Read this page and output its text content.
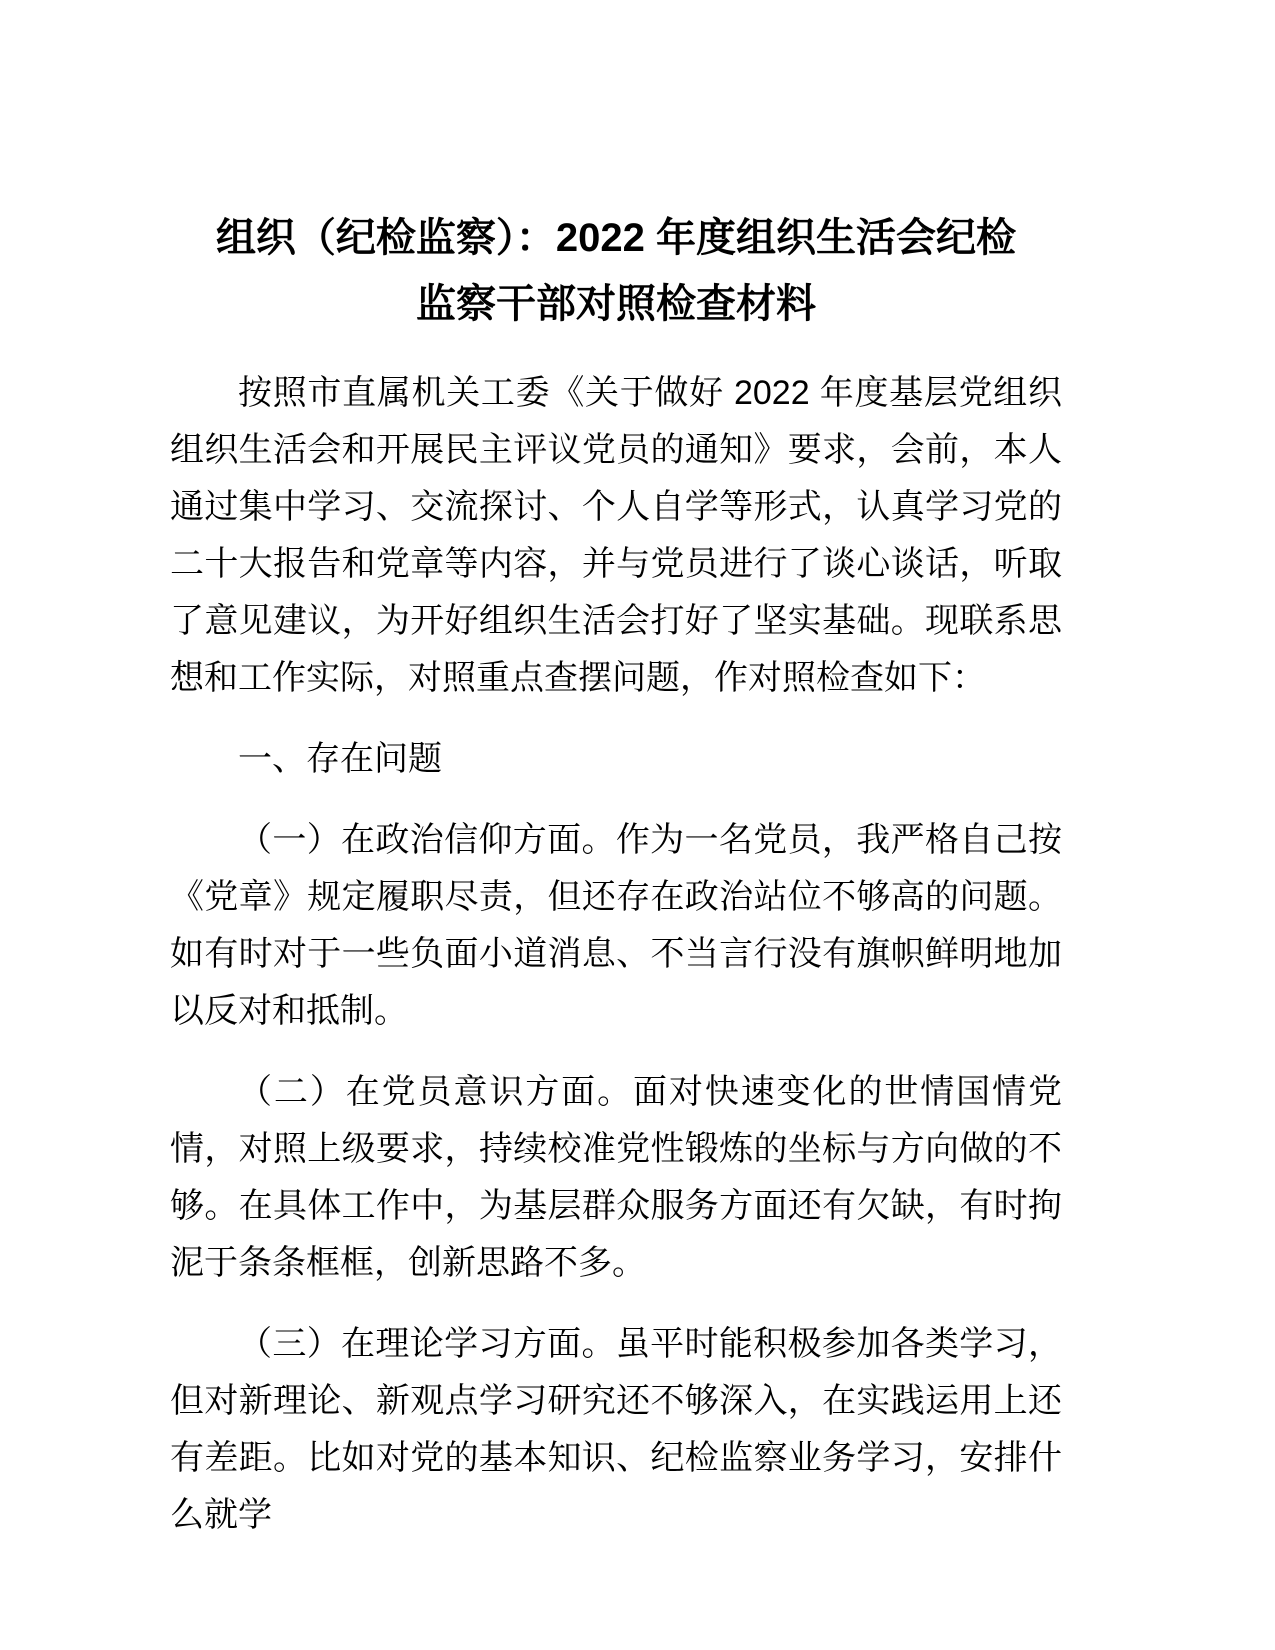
组织（纪检监察）：2022 年度组织生活会纪检
监察干部对照检查材料

按照市直属机关工委《关于做好 2022 年度基层党组织组织生活会和开展民主评议党员的通知》要求，会前，本人通过集中学习、交流探讨、个人自学等形式，认真学习党的二十大报告和党章等内容，并与党员进行了谈心谈话，听取了意见建议，为开好组织生活会打好了坚实基础。现联系思想和工作实际，对照重点查摆问题，作对照检查如下：

一、存在问题

（一）在政治信仰方面。作为一名党员，我严格自己按《党章》规定履职尽责，但还存在政治站位不够高的问题。如有时对于一些负面小道消息、不当言行没有旗帜鲜明地加以反对和抵制。

（二）在党员意识方面。面对快速变化的世情国情党情，对照上级要求，持续校准党性锻炼的坐标与方向做的不够。在具体工作中，为基层群众服务方面还有欠缺，有时拘泥于条条框框，创新思路不多。

（三）在理论学习方面。虽平时能积极参加各类学习，但对新理论、新观点学习研究还不够深入，在实践运用上还有差距。比如对党的基本知识、纪检监察业务学习，安排什么就学
